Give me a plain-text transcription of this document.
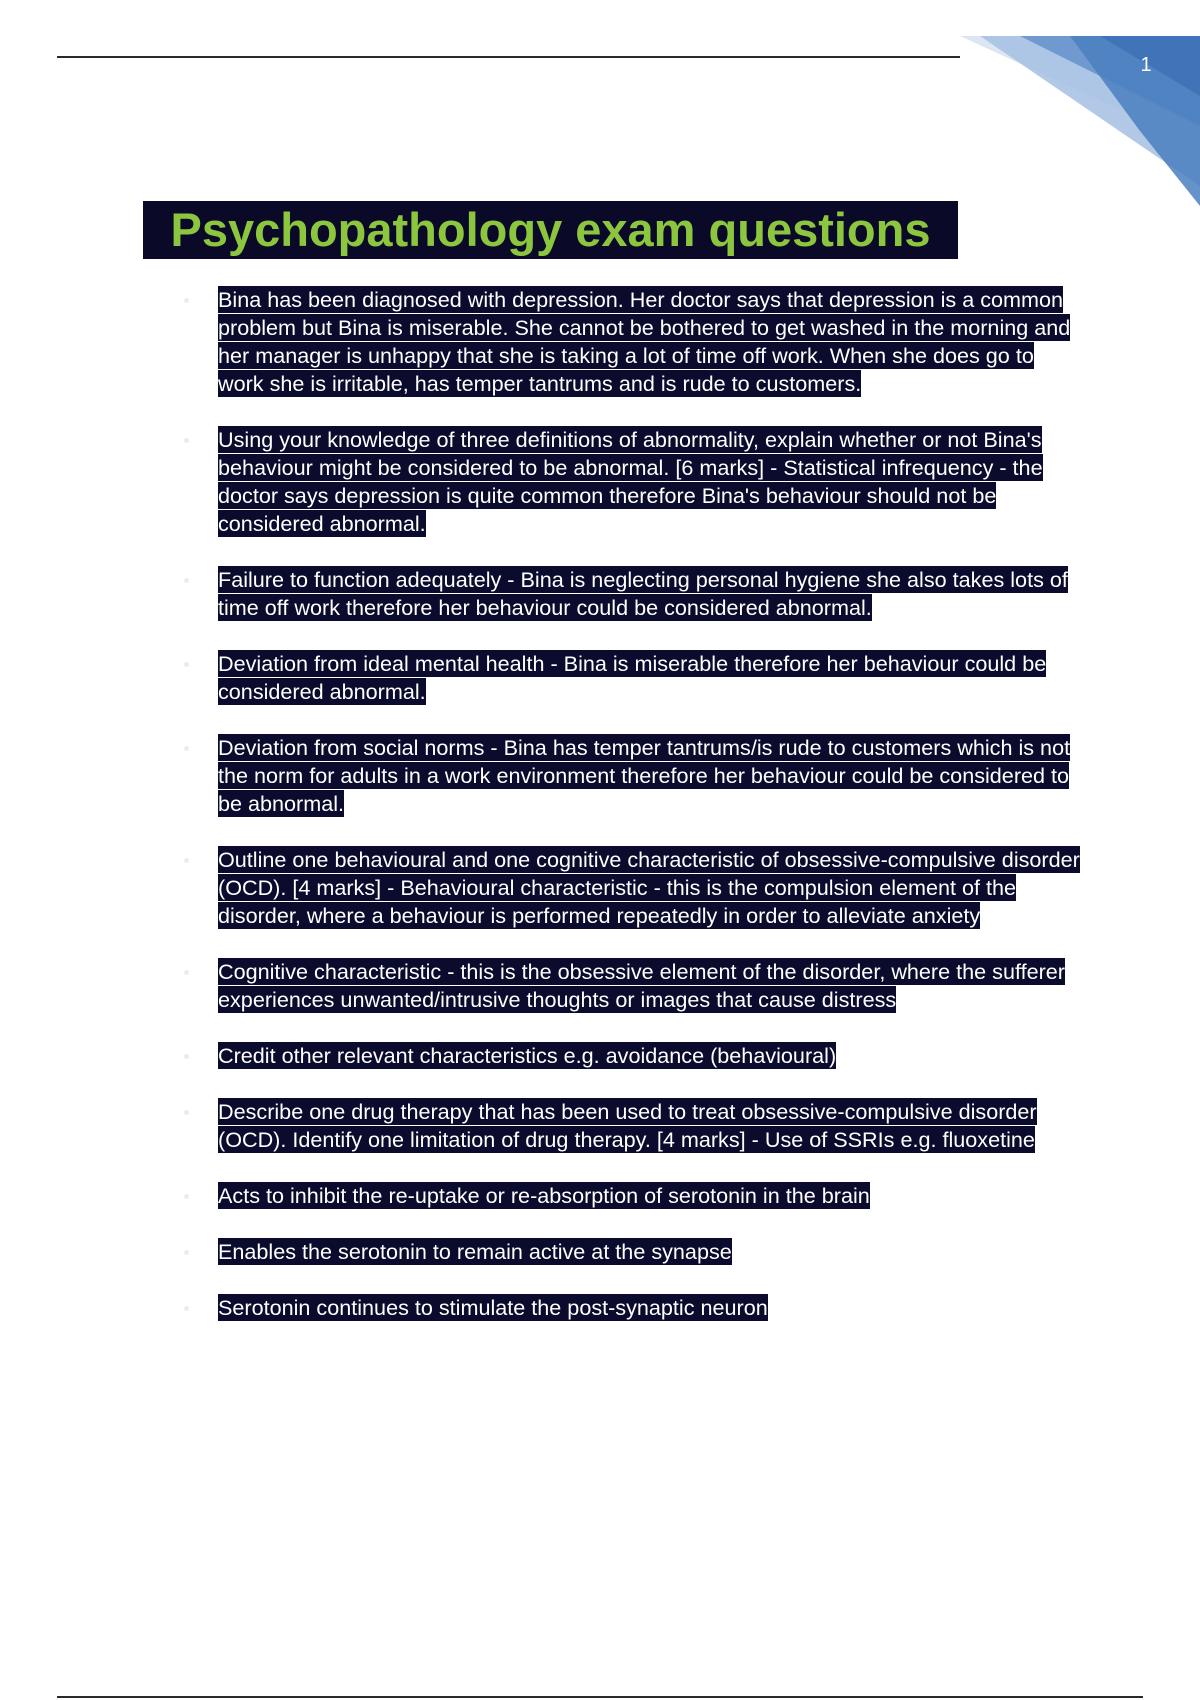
1
Psychopathology exam questions
Bina has been diagnosed with depression. Her doctor says that depression is a common problem but Bina is miserable. She cannot be bothered to get washed in the morning and her manager is unhappy that she is taking a lot of time off work. When she does go to work she is irritable, has temper tantrums and is rude to customers.
Using your knowledge of three definitions of abnormality, explain whether or not Bina's behaviour might be considered to be abnormal. [6 marks] - Statistical infrequency - the doctor says depression is quite common therefore Bina's behaviour should not be considered abnormal.
Failure to function adequately - Bina is neglecting personal hygiene she also takes lots of time off work therefore her behaviour could be considered abnormal.
Deviation from ideal mental health - Bina is miserable therefore her behaviour could be considered abnormal.
Deviation from social norms - Bina has temper tantrums/is rude to customers which is not the norm for adults in a work environment therefore her behaviour could be considered to be abnormal.
Outline one behavioural and one cognitive characteristic of obsessive-compulsive disorder (OCD). [4 marks] - Behavioural characteristic - this is the compulsion element of the disorder, where a behaviour is performed repeatedly in order to alleviate anxiety
Cognitive characteristic - this is the obsessive element of the disorder, where the sufferer experiences unwanted/intrusive thoughts or images that cause distress
Credit other relevant characteristics e.g. avoidance (behavioural)
Describe one drug therapy that has been used to treat obsessive-compulsive disorder (OCD). Identify one limitation of drug therapy. [4 marks] - Use of SSRIs e.g. fluoxetine
Acts to inhibit the re-uptake or re-absorption of serotonin in the brain
Enables the serotonin to remain active at the synapse
Serotonin continues to stimulate the post-synaptic neuron
